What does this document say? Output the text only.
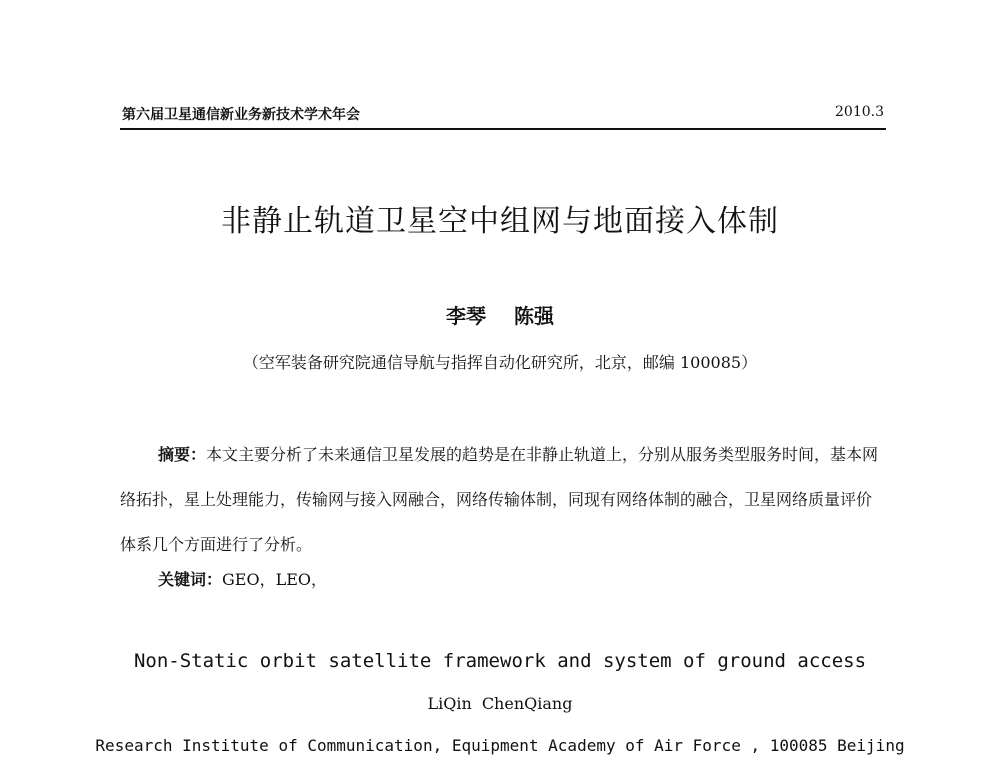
第六届卫星通信新业务新技术学术年会	2010.3
非静止轨道卫星空中组网与地面接入体制
李琴 陈强
（空军装备研究院通信导航与指挥自动化研究所，北京，邮编 100085）

摘要：本文主要分析了未来通信卫星发展的趋势是在非静止轨道上，分别从服务类型服务时间，基本网络拓扑，星上处理能力，传输网与接入网融合，网络传输体制，同现有网络体制的融合，卫星网络质量评价体系几个方面进行了分析。

关键词：GEO，LEO，
Non-Static orbit satellite framework and system of ground access
LiQin ChenQiang
Research Institute of Communication, Equipment Academy of Air Force , 100085 Beijing
